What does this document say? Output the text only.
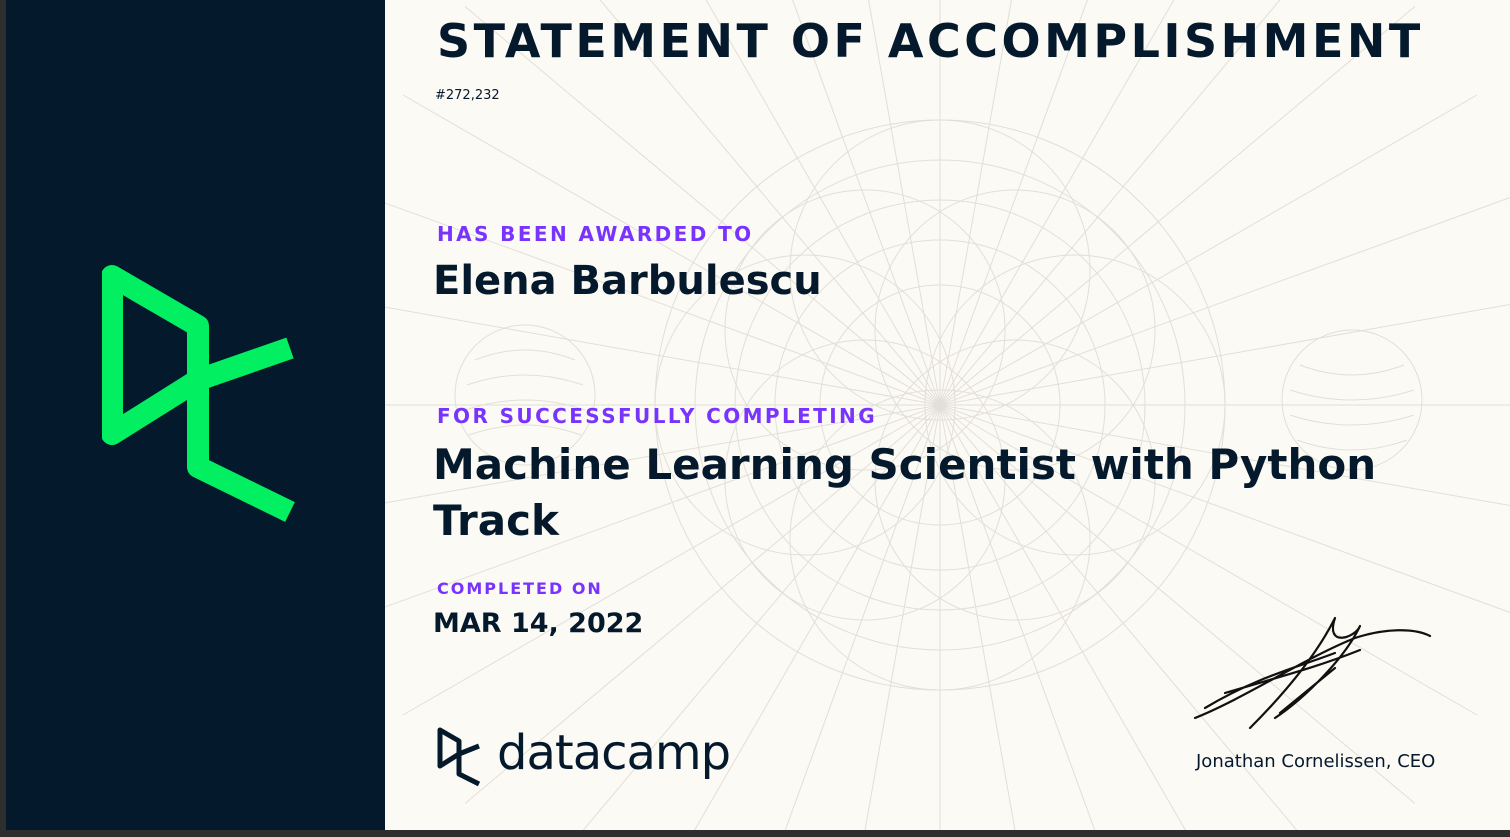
STATEMENT OF ACCOMPLISHMENT
#272,232
HAS BEEN AWARDED TO
Elena Barbulescu
FOR SUCCESSFULLY COMPLETING
Machine Learning Scientist with Python Track
COMPLETED ON
MAR 14, 2022
datacamp	Jonathan Cornelissen, CEO
